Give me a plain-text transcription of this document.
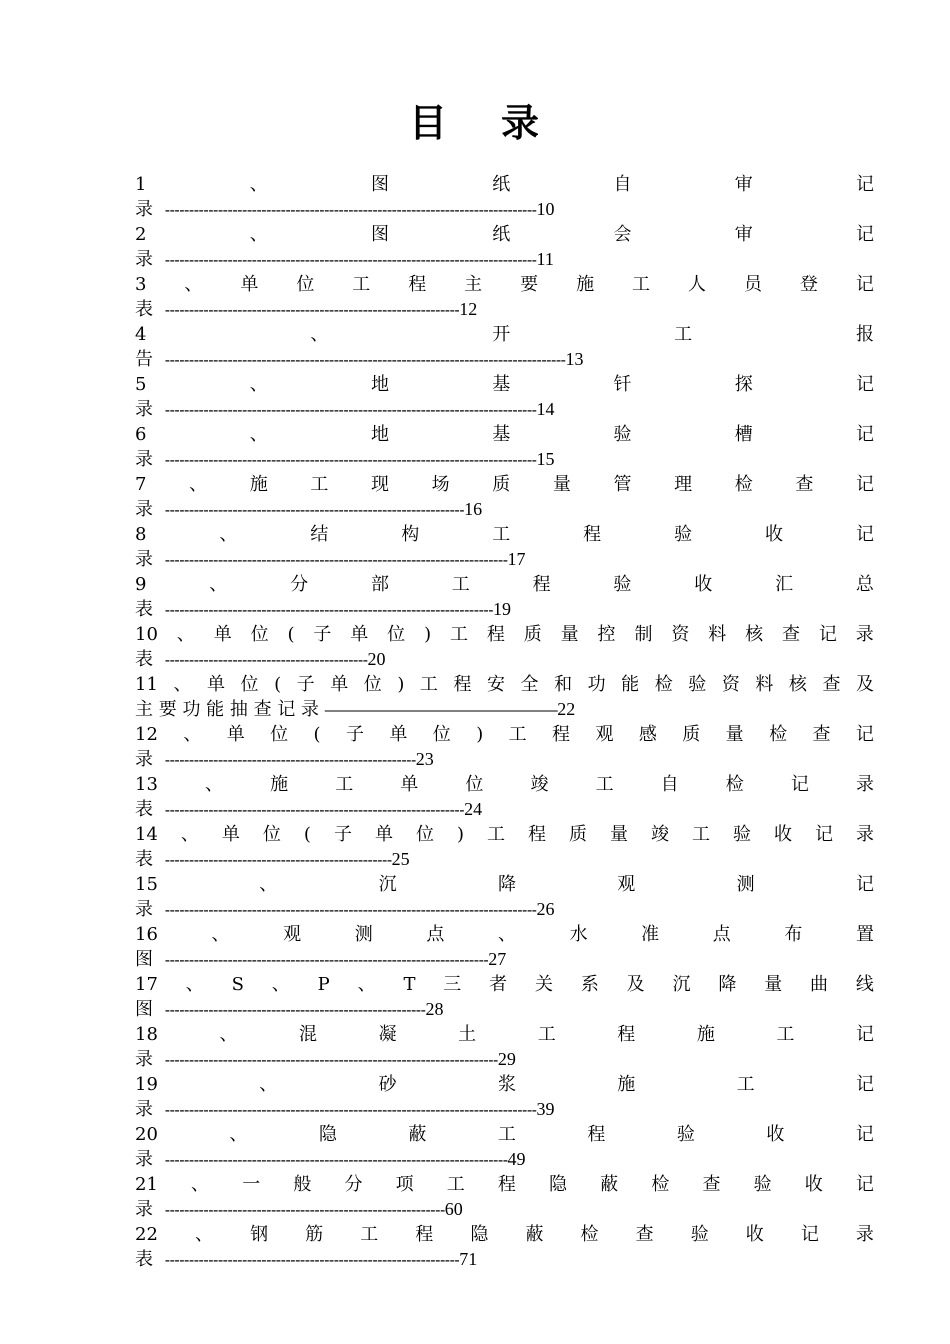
目 录
1	、	图	纸	自	审	记
录 -----------------------------------------------------------------------------10
2	、	图	纸	会	审	记
录 -----------------------------------------------------------------------------11
3 、 单 位 工 程 主 要 施 工 人 员 登 记
表 -------------------------------------------------------------12
4	、	开	工	报
告 -----------------------------------------------------------------------------------13
5	、	地	基	钎	探	记
录 -----------------------------------------------------------------------------14
6	、	地	基	验	槽	记
录 -----------------------------------------------------------------------------15
7 、 施 工 现 场 质 量 管 理 检 查 记
录 --------------------------------------------------------------16
8	、	结	构	工	程	验	收	记
录 -----------------------------------------------------------------------17
9	、	分	部	工	程	验	收	汇	总
表 --------------------------------------------------------------------19
10 、 单 位 ( 子 单 位 ) 工 程 质 量 控 制 资 料 核 查 记 录
表 ------------------------------------------20
11 、 单 位 ( 子 单 位 ) 工 程 安 全 和 功 能 检 验 资 料 核 查 及
主 要 功 能 抽 查 记 录 ———————————————22
12 、 单 位 ( 子 单 位 ) 工 程 观 感 质 量 检 查 记
录 ----------------------------------------------------23
13	、	施	工	单	位	竣	工	自	检	记	录
表 --------------------------------------------------------------24
14 、 单 位 ( 子 单 位 ) 工 程 质 量 竣 工 验 收 记 录
表 -----------------------------------------------25
15	、	沉	降	观	测	记
录 -----------------------------------------------------------------------------26
16	、	观	测	点	、	水	准	点	布	置
图 -------------------------------------------------------------------27
17 、 S 、 P 、 T 三 者 关 系 及 沉 降 量 曲 线
图 ------------------------------------------------------28
18	、	混	凝	土	工	程	施	工	记
录 ---------------------------------------------------------------------29
19	、	砂	浆	施	工	记
录 -----------------------------------------------------------------------------39
20	、	隐	蔽	工	程	验	收	记
录 -----------------------------------------------------------------------49
21 、 一 般 分 项 工 程 隐 蔽 检 查 验 收 记
录 ----------------------------------------------------------60
22 、 钢 筋 工 程 隐 蔽 检 查 验 收 记 录
表 -------------------------------------------------------------71
